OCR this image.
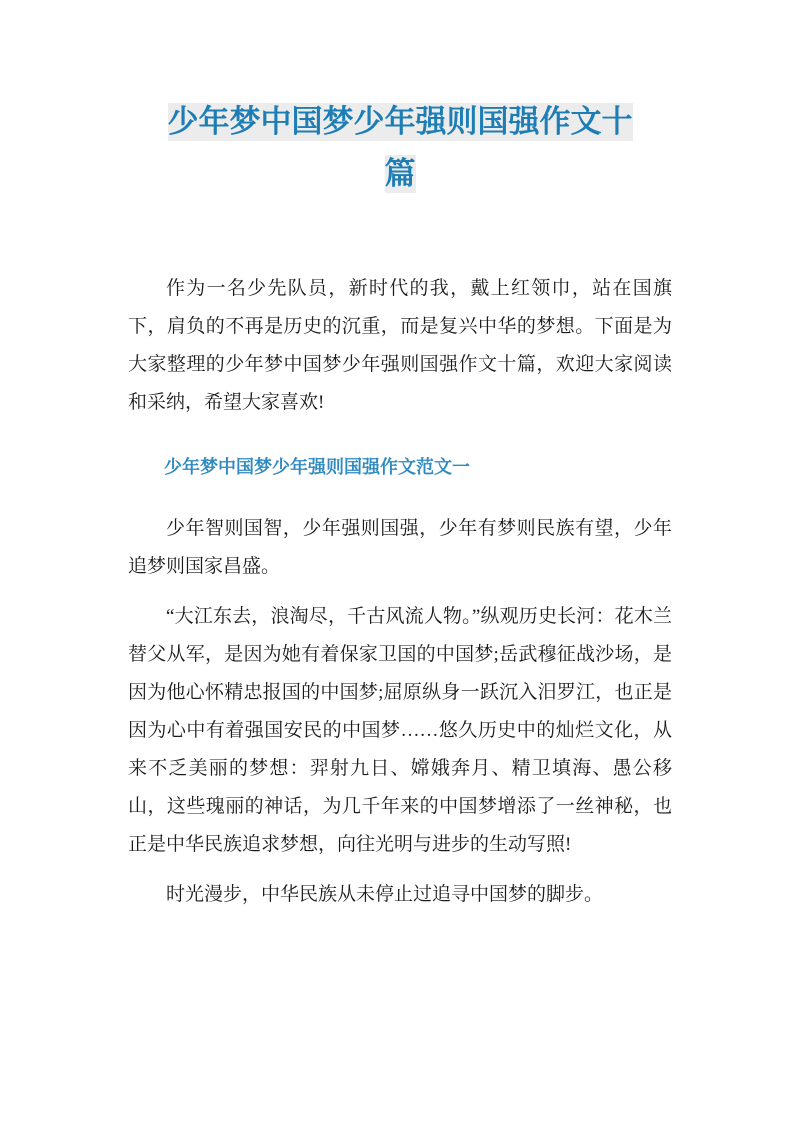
少年梦中国梦少年强则国强作文十
篇

作为一名少先队员，新时代的我，戴上红领巾，站在国旗下，肩负的不再是历史的沉重，而是复兴中华的梦想。下面是为大家整理的少年梦中国梦少年强则国强作文十篇，欢迎大家阅读和采纳，希望大家喜欢!

少年梦中国梦少年强则国强作文范文一

少年智则国智，少年强则国强，少年有梦则民族有望，少年追梦则国家昌盛。

“大江东去，浪淘尽，千古风流人物。”纵观历史长河：花木兰替父从军，是因为她有着保家卫国的中国梦;岳武穆征战沙场，是因为他心怀精忠报国的中国梦;屈原纵身一跃沉入汨罗江，也正是因为心中有着强国安民的中国梦……悠久历史中的灿烂文化，从来不乏美丽的梦想：羿射九日、嫦娥奔月、精卫填海、愚公移山，这些瑰丽的神话，为几千年来的中国梦增添了一丝神秘，也正是中华民族追求梦想，向往光明与进步的生动写照!

时光漫步，中华民族从未停止过追寻中国梦的脚步。
